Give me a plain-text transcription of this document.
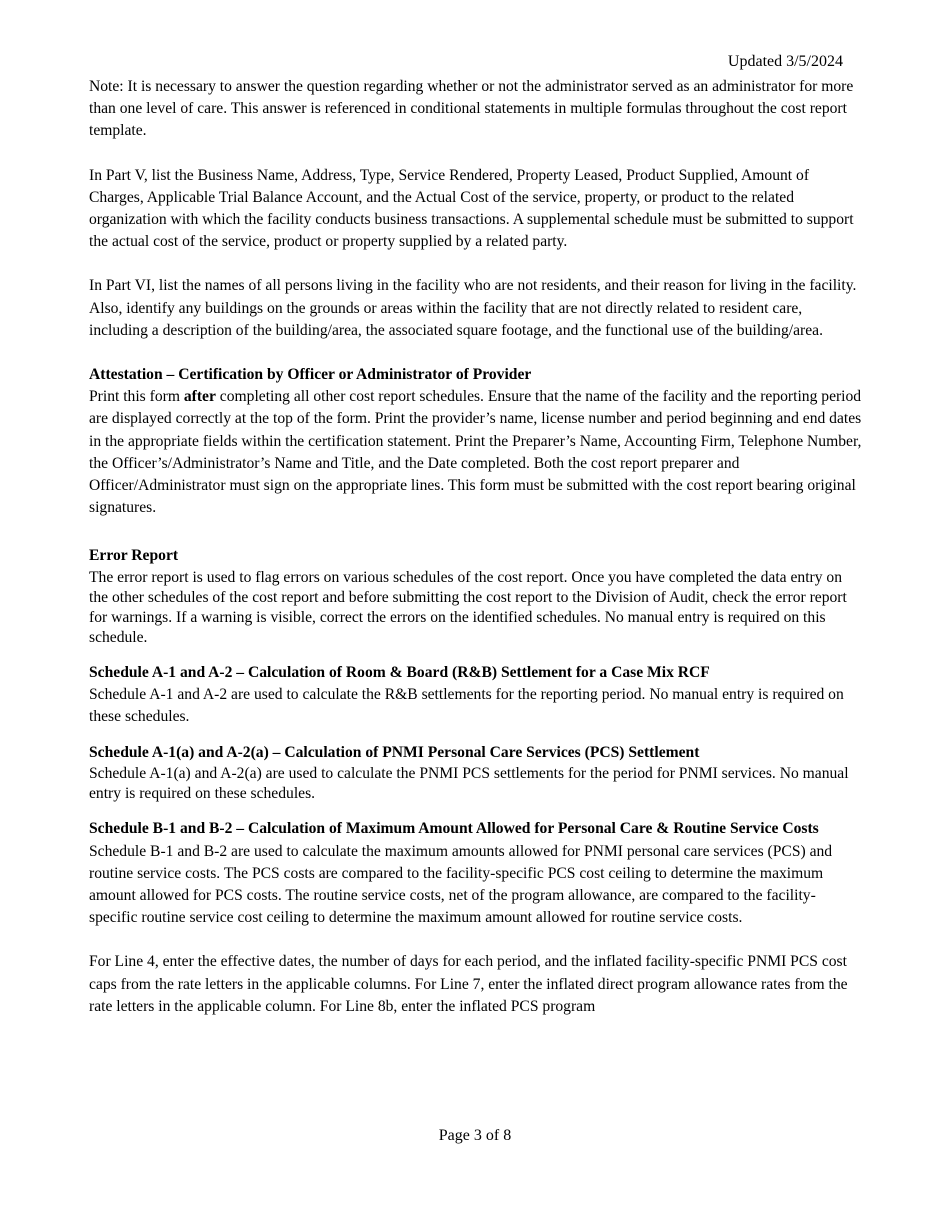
Updated 3/5/2024

Note: It is necessary to answer the question regarding whether or not the administrator served as an administrator for more than one level of care. This answer is referenced in conditional statements in multiple formulas throughout the cost report template.

In Part V, list the Business Name, Address, Type, Service Rendered, Property Leased, Product Supplied, Amount of Charges, Applicable Trial Balance Account, and the Actual Cost of the service, property, or product to the related organization with which the facility conducts business transactions. A supplemental schedule must be submitted to support the actual cost of the service, product or property supplied by a related party.

In Part VI, list the names of all persons living in the facility who are not residents, and their reason for living in the facility. Also, identify any buildings on the grounds or areas within the facility that are not directly related to resident care, including a description of the building/area, the associated square footage, and the functional use of the building/area.

Attestation – Certification by Officer or Administrator of Provider

Print this form after completing all other cost report schedules. Ensure that the name of the facility and the reporting period are displayed correctly at the top of the form. Print the provider’s name, license number and period beginning and end dates in the appropriate fields within the certification statement. Print the Preparer’s Name, Accounting Firm, Telephone Number, the Officer’s/Administrator’s Name and Title, and the Date completed. Both the cost report preparer and Officer/Administrator must sign on the appropriate lines. This form must be submitted with the cost report bearing original signatures.

Error Report

The error report is used to flag errors on various schedules of the cost report. Once you have completed the data entry on the other schedules of the cost report and before submitting the cost report to the Division of Audit, check the error report for warnings. If a warning is visible, correct the errors on the identified schedules. No manual entry is required on this schedule.

Schedule A-1 and A-2 – Calculation of Room & Board (R&B) Settlement for a Case Mix RCF

Schedule A-1 and A-2 are used to calculate the R&B settlements for the reporting period. No manual entry is required on these schedules.

Schedule A-1(a) and A-2(a) – Calculation of PNMI Personal Care Services (PCS) Settlement

Schedule A-1(a) and A-2(a) are used to calculate the PNMI PCS settlements for the period for PNMI services. No manual entry is required on these schedules.

Schedule B-1 and B-2 – Calculation of Maximum Amount Allowed for Personal Care & Routine Service Costs

Schedule B-1 and B-2 are used to calculate the maximum amounts allowed for PNMI personal care services (PCS) and routine service costs. The PCS costs are compared to the facility-specific PCS cost ceiling to determine the maximum amount allowed for PCS costs. The routine service costs, net of the program allowance, are compared to the facility-specific routine service cost ceiling to determine the maximum amount allowed for routine service costs.

For Line 4, enter the effective dates, the number of days for each period, and the inflated facility-specific PNMI PCS cost caps from the rate letters in the applicable columns. For Line 7, enter the inflated direct program allowance rates from the rate letters in the applicable column. For Line 8b, enter the inflated PCS program

Page 3 of 8
